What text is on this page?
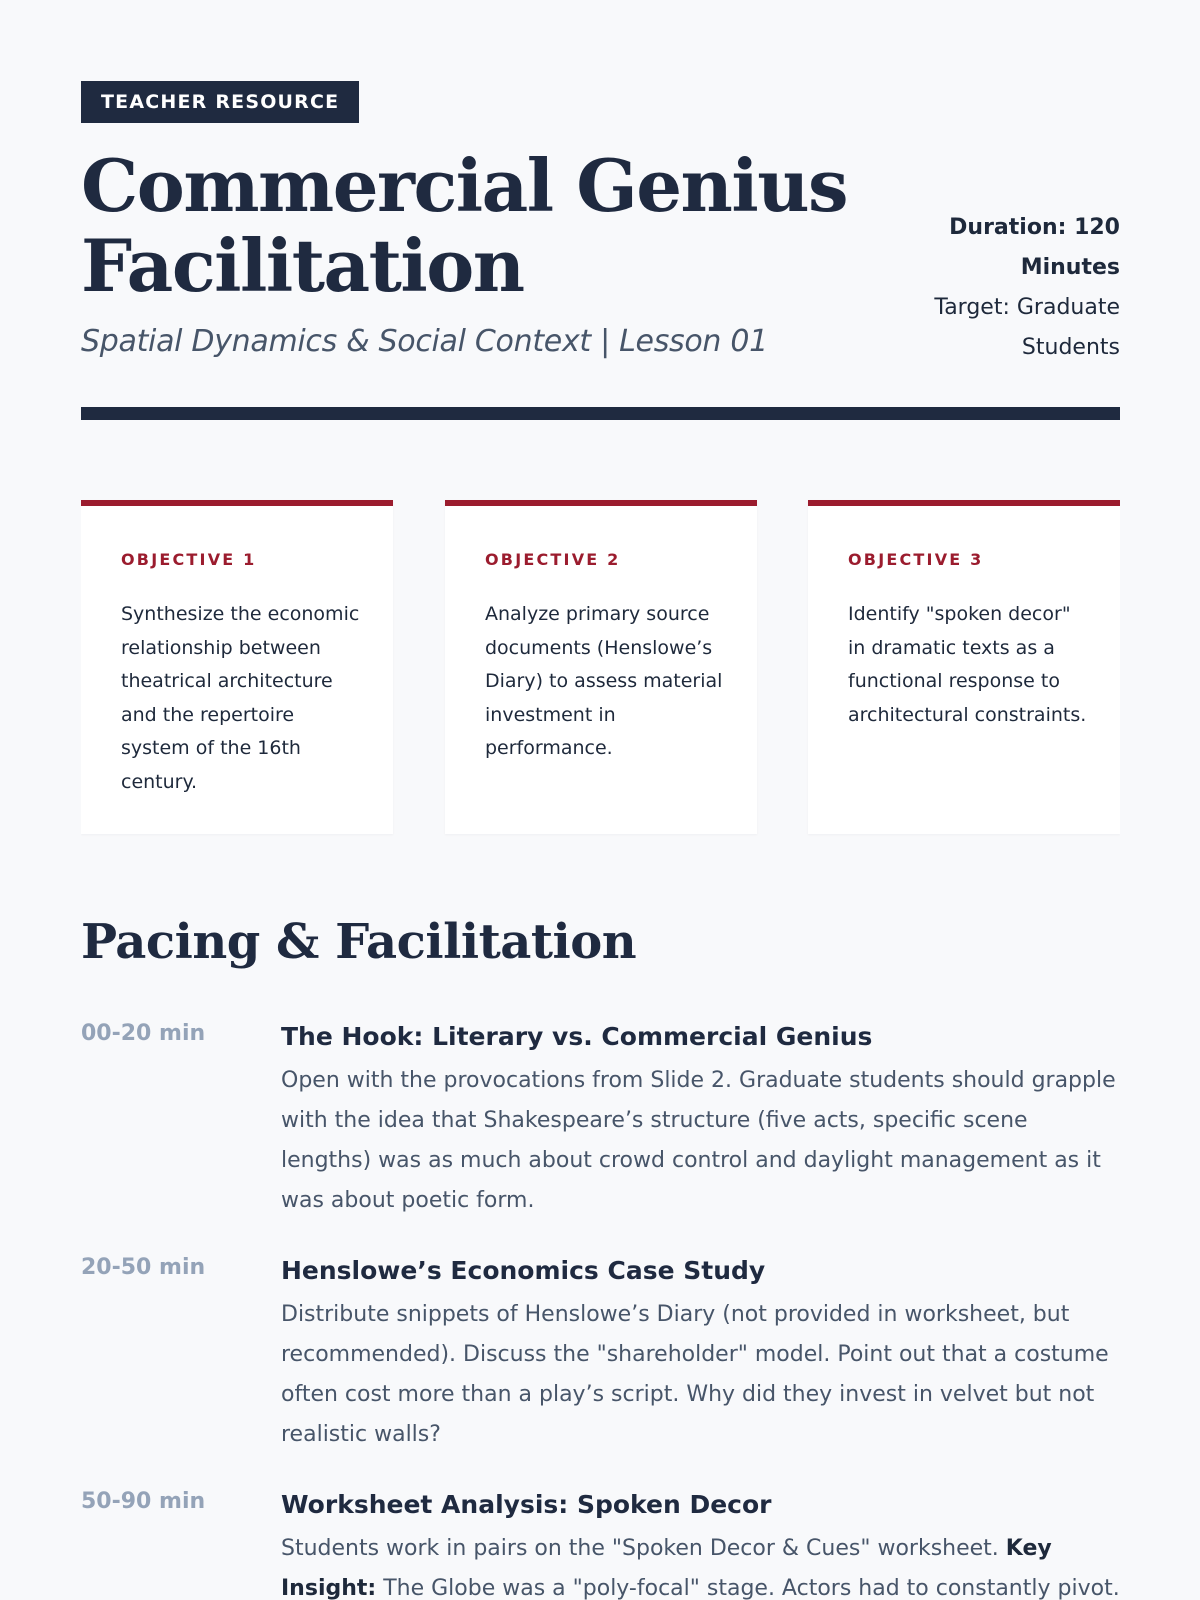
TEACHER RESOURCE
Commercial Genius
Facilitation

Spatial Dynamics & Social Context | Lesson 01

Duration: 120 Minutes
Target: Graduate Students
OBJECTIVE 1
Synthesize the economic relationship between theatrical architecture and the repertoire system of the 16th century.
OBJECTIVE 2
Analyze primary source documents (Henslowe’s Diary) to assess material investment in performance.
OBJECTIVE 3
Identify "spoken decor" in dramatic texts as a functional response to architectural constraints.
Pacing & Facilitation
00-20 min	The Hook: Literary vs. Commercial Genius
Open with the provocations from Slide 2. Graduate students should grapple with the idea that Shakespeare’s structure (five acts, specific scene lengths) was as much about crowd control and daylight management as it was about poetic form.
20-50 min	Henslowe’s Economics Case Study
Distribute snippets of Henslowe’s Diary (not provided in worksheet, but recommended). Discuss the "shareholder" model. Point out that a costume often cost more than a play’s script. Why did they invest in velvet but not realistic walls?
50-90 min	Worksheet Analysis: Spoken Decor
Students work in pairs on the "Spoken Decor & Cues" worksheet. Key Insight: The Globe was a "poly-focal" stage. Actors had to constantly pivot.
